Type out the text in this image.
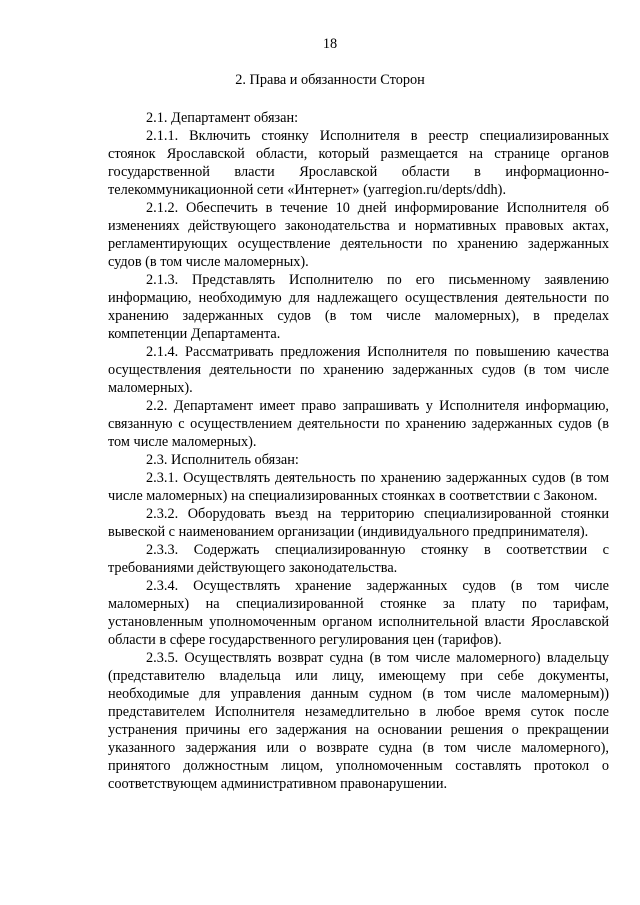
18
2. Права и обязанности Сторон

2.1. Департамент обязан:

2.1.1. Включить стоянку Исполнителя в реестр специализированных стоянок Ярославской области, который размещается на странице органов государственной власти Ярославской области в информационно-телекоммуникационной сети «Интернет» (yarregion.ru/depts/ddh).

2.1.2. Обеспечить в течение 10 дней информирование Исполнителя об изменениях действующего законодательства и нормативных правовых актах, регламентирующих осуществление деятельности по хранению задержанных судов (в том числе маломерных).

2.1.3. Представлять Исполнителю по его письменному заявлению информацию, необходимую для надлежащего осуществления деятельности по хранению задержанных судов (в том числе маломерных), в пределах компетенции Департамента.

2.1.4. Рассматривать предложения Исполнителя по повышению качества осуществления деятельности по хранению задержанных судов (в том числе маломерных).

2.2. Департамент имеет право запрашивать у Исполнителя информацию, связанную с осуществлением деятельности по хранению задержанных судов (в том числе маломерных).

2.3. Исполнитель обязан:

2.3.1. Осуществлять деятельность по хранению задержанных судов (в том числе маломерных) на специализированных стоянках в соответствии с Законом.

2.3.2. Оборудовать въезд на территорию специализированной стоянки вывеской с наименованием организации (индивидуального предпринимателя).

2.3.3. Содержать специализированную стоянку в соответствии с требованиями действующего законодательства.

2.3.4. Осуществлять хранение задержанных судов (в том числе маломерных) на специализированной стоянке за плату по тарифам, установленным уполномоченным органом исполнительной власти Ярославской области в сфере государственного регулирования цен (тарифов).

2.3.5. Осуществлять возврат судна (в том числе маломерного) владельцу (представителю владельца или лицу, имеющему при себе документы, необходимые для управления данным судном (в том числе маломерным)) представителем Исполнителя незамедлительно в любое время суток после устранения причины его задержания на основании решения о прекращении указанного задержания или о возврате судна (в том числе маломерного), принятого должностным лицом, уполномоченным составлять протокол о соответствующем административном правонарушении.
